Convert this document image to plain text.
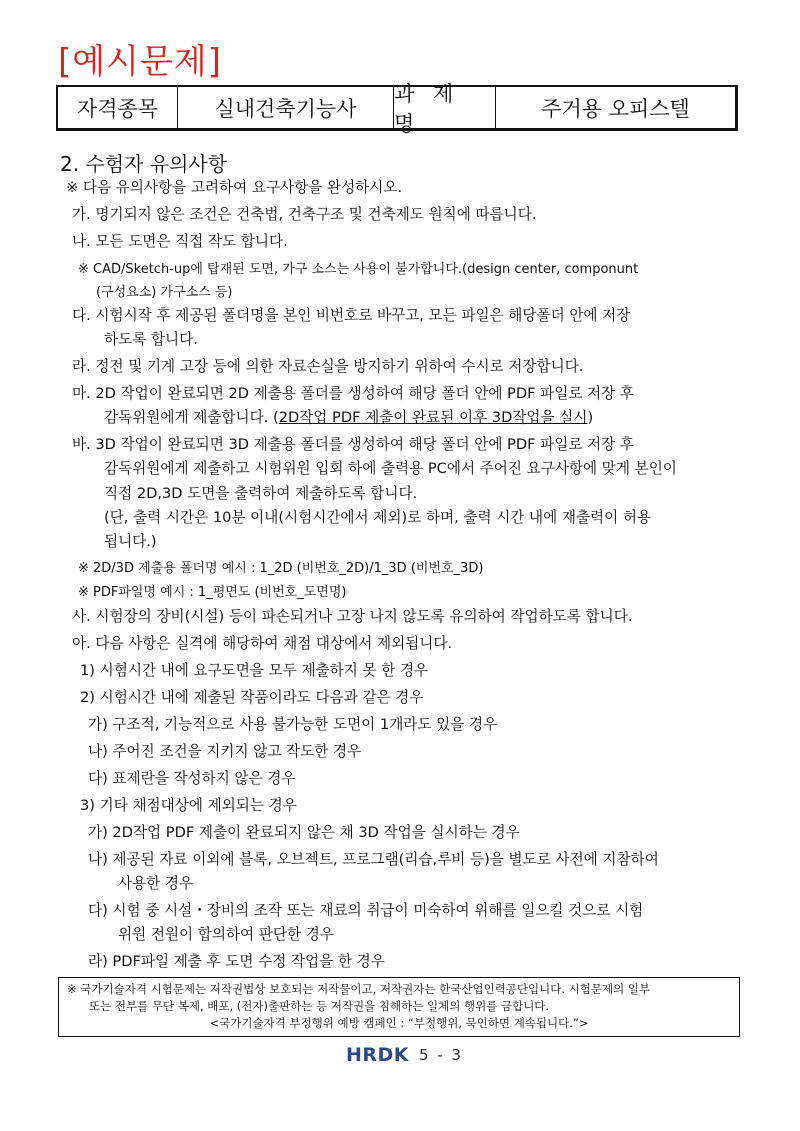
[예시문제]
자격종목	실내건축기능사
과 제 명
주거용 오피스텔
2. 수험자 유의사항
※ 다음 유의사항을 고려하여 요구사항을 완성하시오.
가. 명기되지 않은 조건은 건축법, 건축구조 및 건축제도 원칙에 따릅니다.
나. 모든 도면은 직접 작도 합니다.
※ CAD/Sketch-up에 탑재된 도면, 가구 소스는 사용이 불가합니다.(design center, componunt
(구성요소) 가구소스 등)
다. 시험시작 후 제공된 폴더명을 본인 비번호로 바꾸고, 모든 파일은 해당폴더 안에 저장
하도록 합니다.
라. 정전 및 기계 고장 등에 의한 자료손실을 방지하기 위하여 수시로 저장합니다.
마. 2D 작업이 완료되면 2D 제출용 폴더를 생성하여 해당 폴더 안에 PDF 파일로 저장 후
감독위원에게 제출합니다. (2D작업 PDF 제출이 완료된 이후 3D작업을 실시)
바. 3D 작업이 완료되면 3D 제출용 폴더를 생성하여 해당 폴더 안에 PDF 파일로 저장 후
감독위원에게 제출하고 시험위원 입회 하에 출력용 PC에서 주어진 요구사항에 맞게 본인이
직접 2D,3D 도면을 출력하여 제출하도록 합니다.
(단, 출력 시간은 10분 이내(시험시간에서 제외)로 하며, 출력 시간 내에 재출력이 허용
됩니다.)
※ 2D/3D 제출용 폴더명 예시 : 1_2D (비번호_2D)/1_3D (비번호_3D)
※ PDF파일명 예시 : 1_평면도 (비번호_도면명)
사. 시험장의 장비(시설) 등이 파손되거나 고장 나지 않도록 유의하여 작업하도록 합니다.
아. 다음 사항은 실격에 해당하여 채점 대상에서 제외됩니다.
1) 시험시간 내에 요구도면을 모두 제출하지 못 한 경우
2) 시험시간 내에 제출된 작품이라도 다음과 같은 경우
가) 구조적, 기능적으로 사용 불가능한 도면이 1개라도 있을 경우
나) 주어진 조건을 지키지 않고 작도한 경우
다) 표제란을 작성하지 않은 경우
3) 기타 채점대상에 제외되는 경우
가) 2D작업 PDF 제출이 완료되지 않은 채 3D 작업을 실시하는 경우
나) 제공된 자료 이외에 블록, 오브젝트, 프로그램(리습,루비 등)을 별도로 사전에 지참하여
사용한 경우
다) 시험 중 시설・장비의 조작 또는 재료의 취급이 미숙하여 위해를 일으킬 것으로 시험
위원 전원이 합의하여 판단한 경우
라) PDF파일 제출 후 도면 수정 작업을 한 경우
※ 국가기술자격 시험문제는 저작권법상 보호되는 저작물이고, 저작권자는 한국산업인력공단입니다. 시험문제의 일부
또는 전부를 무단 복제, 배포, (전자)출판하는 등 저작권을 침해하는 일체의 행위를 금합니다.
<국가기술자격 부정행위 예방 캠페인 : “부정행위, 묵인하면 계속됩니다.”>
HRDK 5 - 3
